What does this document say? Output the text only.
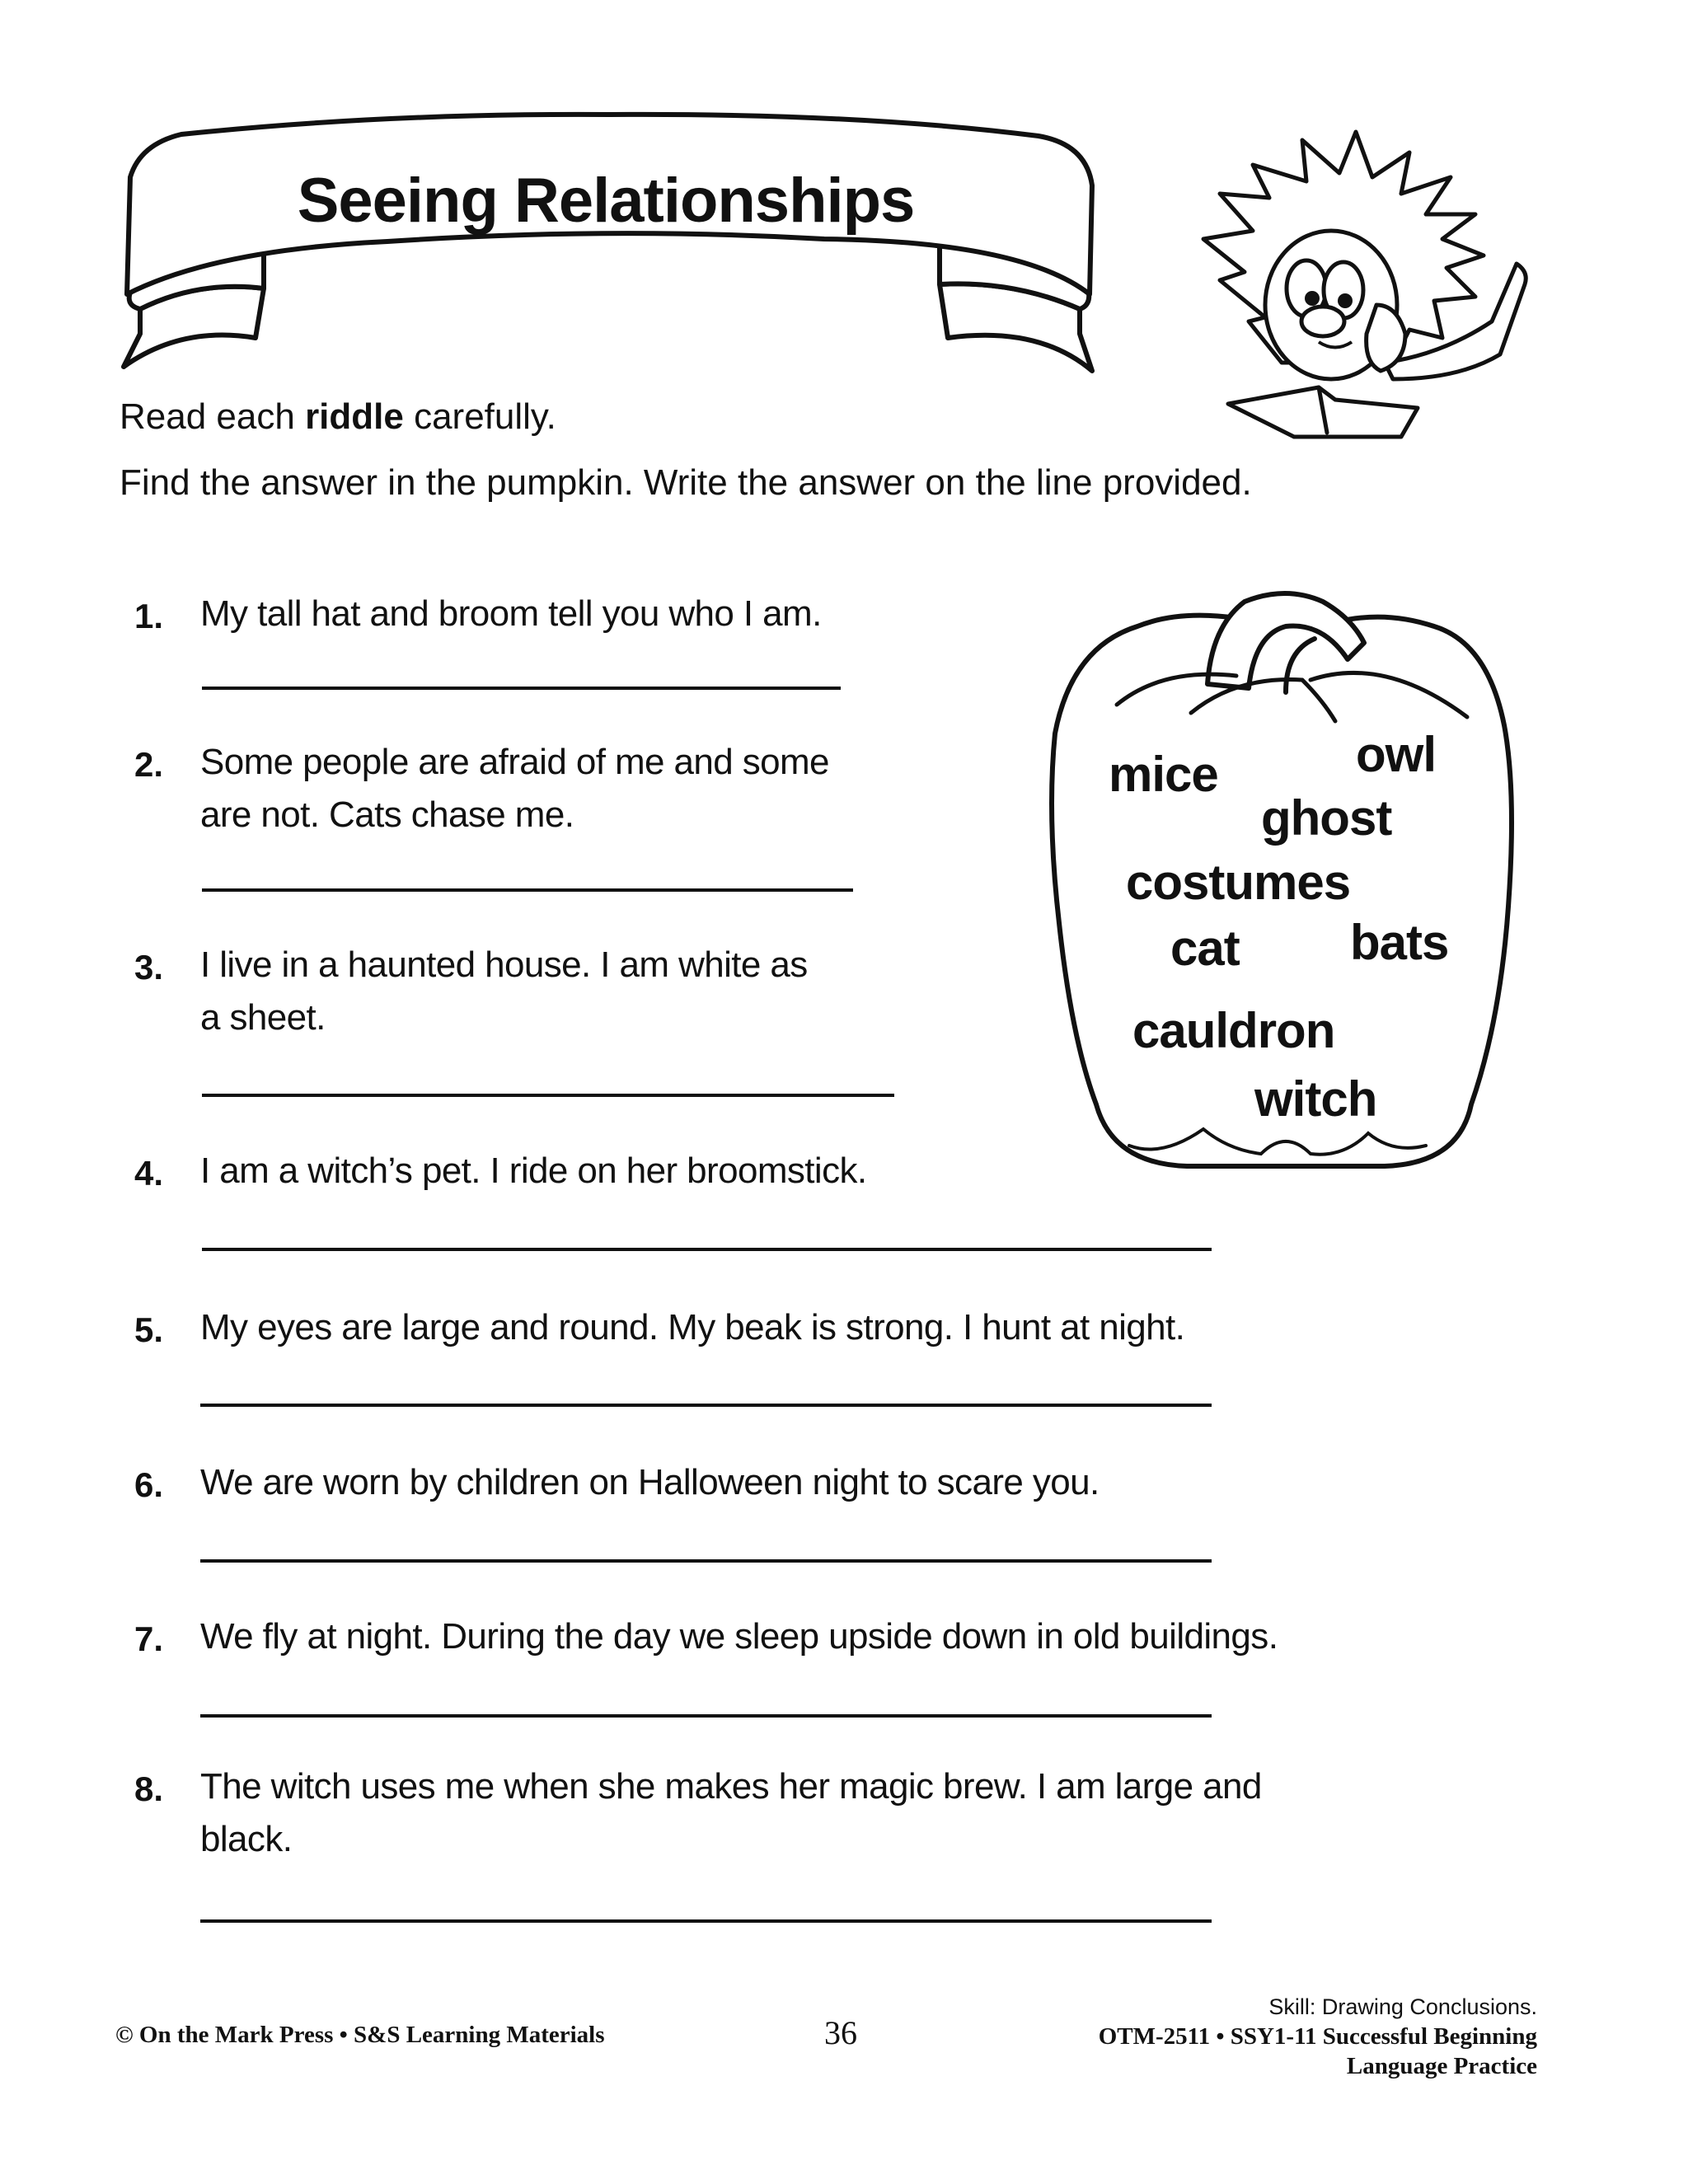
Seeing Relationships
Read each riddle carefully.
Find the answer in the pumpkin. Write the answer on the line provided.
1. My tall hat and broom tell you who I am.
2. Some people are afraid of me and some
are not. Cats chase me.
3. I live in a haunted house. I am white as
a sheet.
4. I am a witch’s pet. I ride on her broomstick.
5. My eyes are large and round. My beak is strong. I hunt at night.
6. We are worn by children on Halloween night to scare you.
7. We fly at night. During the day we sleep upside down in old buildings.
8. The witch uses me when she makes her magic brew. I am large and
black.
mice	owl
ghost
costumes
cat bats
cauldron
witch
© On the Mark Press • S&S Learning Materials	36
Skill: Drawing Conclusions.
OTM-2511 • SSY1-11 Successful Beginning
Language Practice
